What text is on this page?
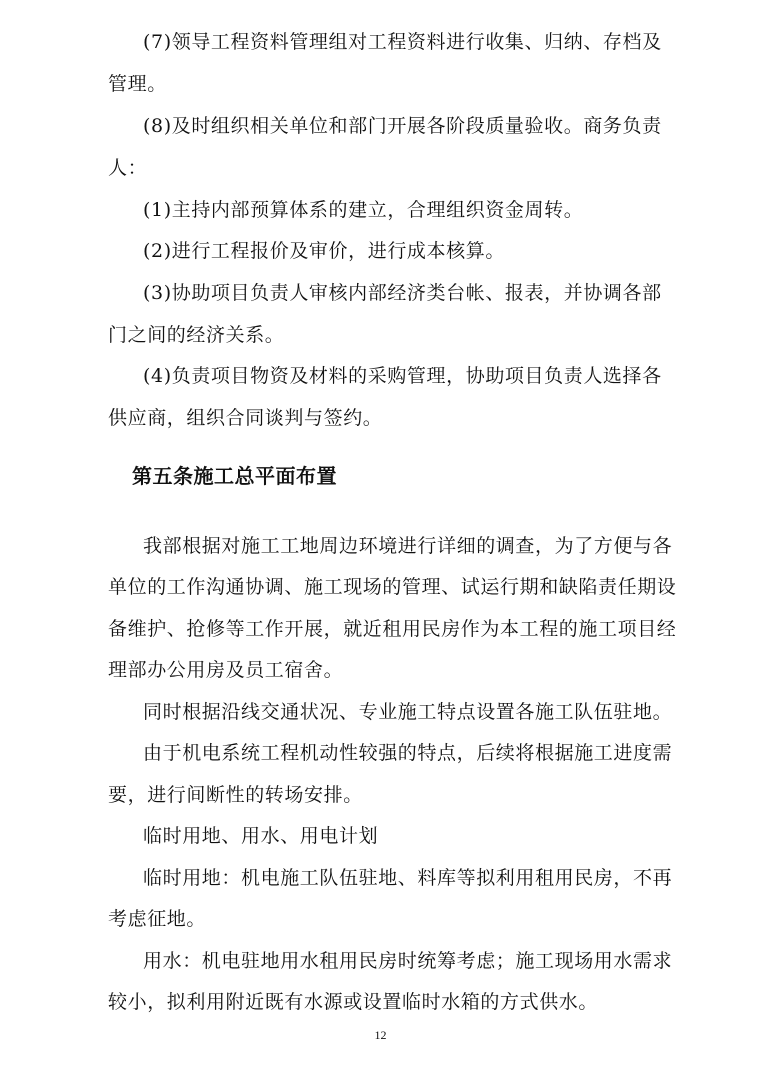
(7)领导工程资料管理组对工程资料进行收集、归纳、存档及
管理。
(8)及时组织相关单位和部门开展各阶段质量验收。商务负责
人：
(1)主持内部预算体系的建立，合理组织资金周转。
(2)进行工程报价及审价，进行成本核算。
(3)协助项目负责人审核内部经济类台帐、报表，并协调各部
门之间的经济关系。
(4)负责项目物资及材料的采购管理，协助项目负责人选择各
供应商，组织合同谈判与签约。
第五条施工总平面布置
我部根据对施工工地周边环境进行详细的调查，为了方便与各
单位的工作沟通协调、施工现场的管理、试运行期和缺陷责任期设
备维护、抢修等工作开展，就近租用民房作为本工程的施工项目经
理部办公用房及员工宿舍。
同时根据沿线交通状况、专业施工特点设置各施工队伍驻地。
由于机电系统工程机动性较强的特点，后续将根据施工进度需
要，进行间断性的转场安排。
临时用地、用水、用电计划
临时用地：机电施工队伍驻地、料库等拟利用租用民房，不再
考虑征地。
用水：机电驻地用水租用民房时统筹考虑；施工现场用水需求
较小，拟利用附近既有水源或设置临时水箱的方式供水。
12
